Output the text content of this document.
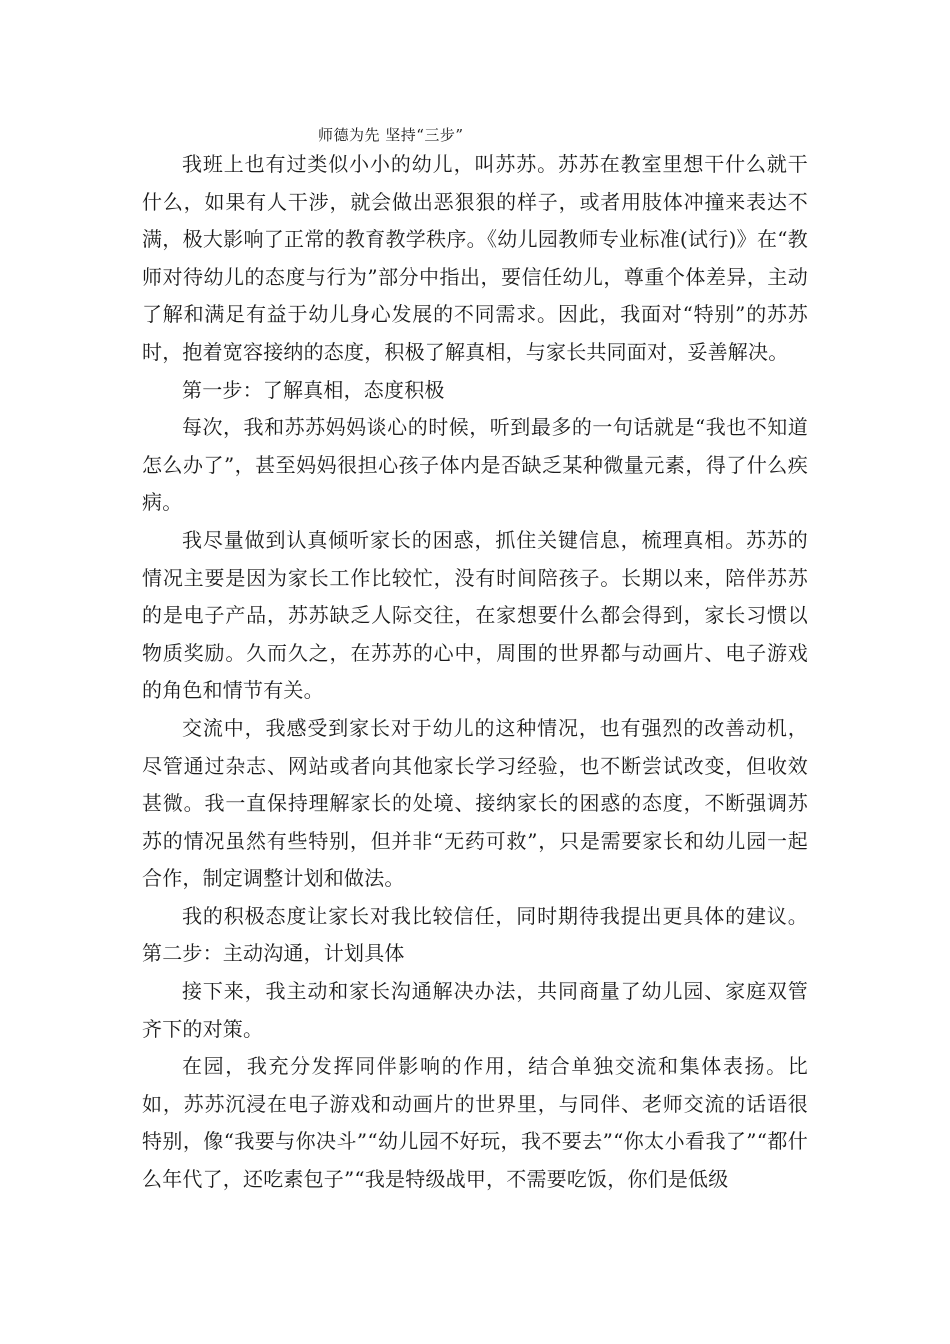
师德为先 坚持“三步”

我班上也有过类似小小的幼儿，叫苏苏。苏苏在教室里想干什么就干什么，如果有人干涉，就会做出恶狠狠的样子，或者用肢体冲撞来表达不满，极大影响了正常的教育教学秩序。《幼儿园教师专业标准(试行)》在“教师对待幼儿的态度与行为”部分中指出，要信任幼儿，尊重个体差异，主动了解和满足有益于幼儿身心发展的不同需求。因此，我面对“特别”的苏苏时，抱着宽容接纳的态度，积极了解真相，与家长共同面对，妥善解决。

第一步：了解真相，态度积极

每次，我和苏苏妈妈谈心的时候，听到最多的一句话就是“我也不知道怎么办了”，甚至妈妈很担心孩子体内是否缺乏某种微量元素，得了什么疾病。

我尽量做到认真倾听家长的困惑，抓住关键信息，梳理真相。苏苏的情况主要是因为家长工作比较忙，没有时间陪孩子。长期以来，陪伴苏苏的是电子产品，苏苏缺乏人际交往，在家想要什么都会得到，家长习惯以物质奖励。久而久之，在苏苏的心中，周围的世界都与动画片、电子游戏的角色和情节有关。

交流中，我感受到家长对于幼儿的这种情况，也有强烈的改善动机，尽管通过杂志、网站或者向其他家长学习经验，也不断尝试改变，但收效甚微。我一直保持理解家长的处境、接纳家长的困惑的态度，不断强调苏苏的情况虽然有些特别，但并非“无药可救”，只是需要家长和幼儿园一起合作，制定调整计划和做法。

我的积极态度让家长对我比较信任，同时期待我提出更具体的建议。第二步：主动沟通，计划具体

接下来，我主动和家长沟通解决办法，共同商量了幼儿园、家庭双管齐下的对策。

在园，我充分发挥同伴影响的作用，结合单独交流和集体表扬。比如，苏苏沉浸在电子游戏和动画片的世界里，与同伴、老师交流的话语很特别，像“我要与你决斗”“幼儿园不好玩，我不要去”“你太小看我了”“都什么年代了，还吃素包子”“我是特级战甲，不需要吃饭，你们是低级
